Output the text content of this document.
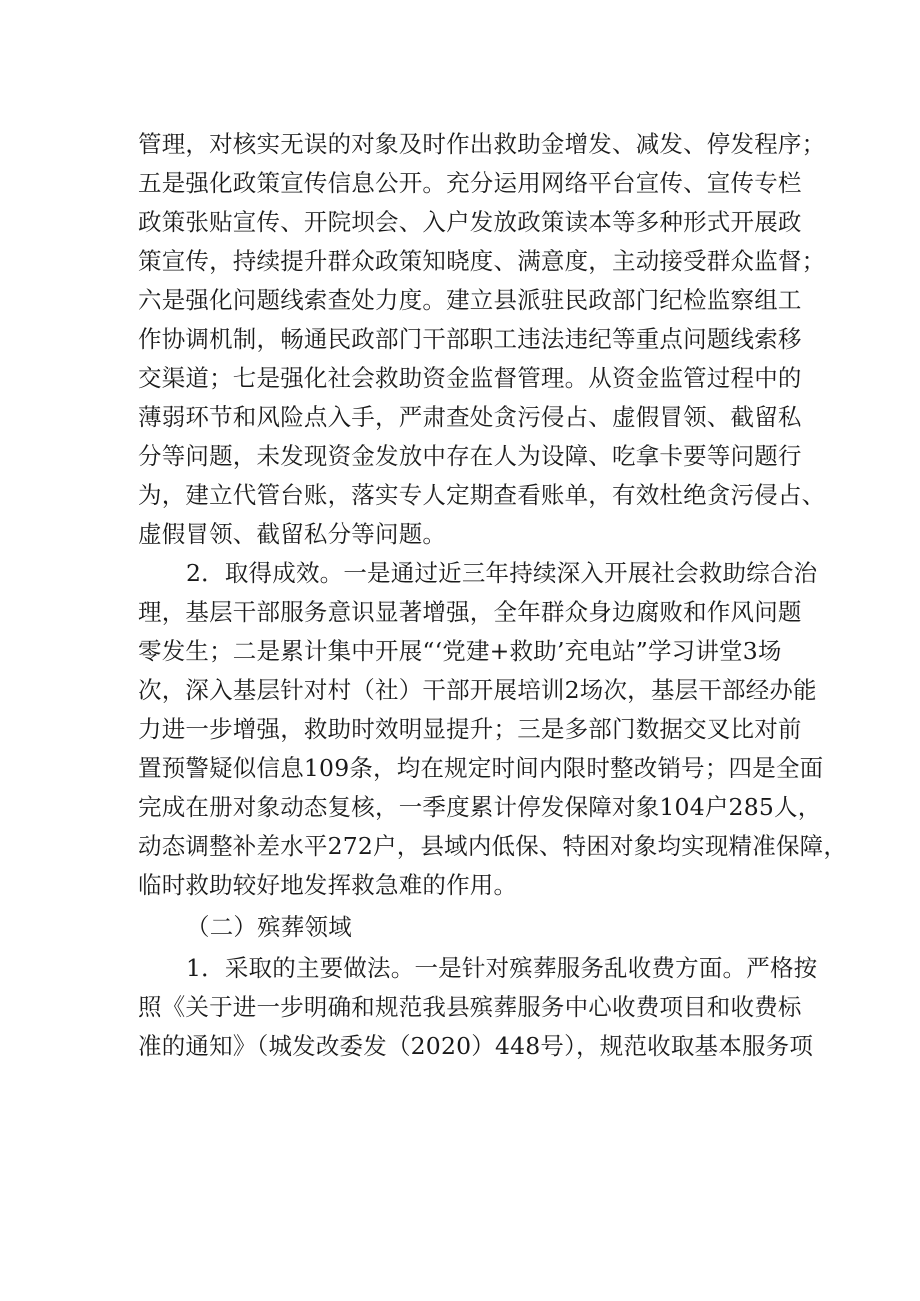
管理，对核实无误的对象及时作出救助金增发、减发、停发程序；
五是强化政策宣传信息公开。充分运用网络平台宣传、宣传专栏
政策张贴宣传、开院坝会、入户发放政策读本等多种形式开展政
策宣传，持续提升群众政策知晓度、满意度，主动接受群众监督；
六是强化问题线索查处力度。建立县派驻民政部门纪检监察组工
作协调机制，畅通民政部门干部职工违法违纪等重点问题线索移
交渠道；七是强化社会救助资金监督管理。从资金监管过程中的
薄弱环节和风险点入手，严肃查处贪污侵占、虚假冒领、截留私
分等问题，未发现资金发放中存在人为设障、吃拿卡要等问题行
为，建立代管台账，落实专人定期查看账单，有效杜绝贪污侵占、
虚假冒领、截留私分等问题。
2．取得成效。一是通过近三年持续深入开展社会救助综合治
理，基层干部服务意识显著增强，全年群众身边腐败和作风问题
零发生；二是累计集中开展“‘党建+救助’充电站”学习讲堂3场
次，深入基层针对村（社）干部开展培训2场次，基层干部经办能
力进一步增强，救助时效明显提升；三是多部门数据交叉比对前
置预警疑似信息109条，均在规定时间内限时整改销号；四是全面
完成在册对象动态复核，一季度累计停发保障对象104户285人，
动态调整补差水平272户，县域内低保、特困对象均实现精准保障，
临时救助较好地发挥救急难的作用。
（二）殡葬领域
1．采取的主要做法。一是针对殡葬服务乱收费方面。严格按
照《关于进一步明确和规范我县殡葬服务中心收费项目和收费标
准的通知》（城发改委发（2020）448号），规范收取基本服务项
